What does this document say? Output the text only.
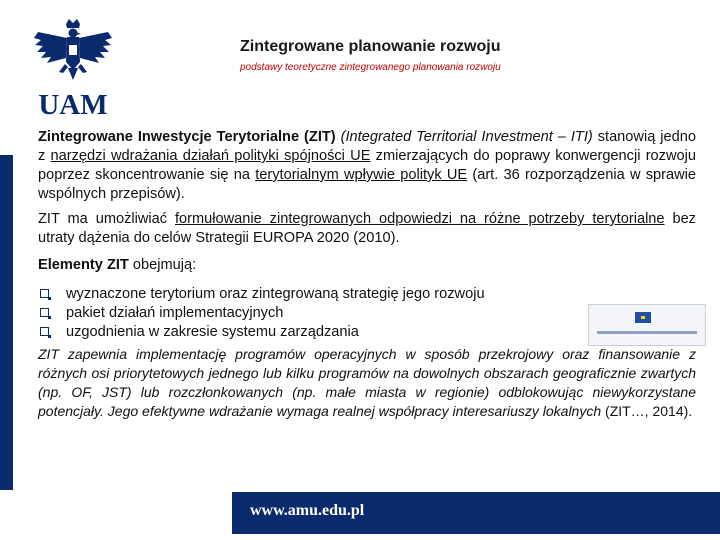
UAM
Zintegrowane planowanie rozwoju
podstawy teoretyczne zintegrowanego planowania rozwoju

Zintegrowane Inwestycje Terytorialne (ZIT) (Integrated Territorial Investment – ITI) stanowią jedno z narzędzi wdrażania działań polityki spójności UE zmierzających do poprawy konwergencji rozwoju poprzez skoncentrowanie się na terytorialnym wpływie polityk UE (art. 36 rozporządzenia w sprawie wspólnych przepisów).

ZIT ma umożliwiać formułowanie zintegrowanych odpowiedzi na różne potrzeby terytorialne bez utraty dążenia do celów Strategii EUROPA 2020 (2010).

Elementy ZIT obejmują:

wyznaczone terytorium oraz zintegrowaną strategię jego rozwoju
pakiet działań implementacyjnych
uzgodnienia w zakresie systemu zarządzania

ZIT zapewnia implementację programów operacyjnych w sposób przekrojowy oraz finansowanie z różnych osi priorytetowych jednego lub kilku programów na dowolnych obszarach geograficznie zwartych (np. OF, JST) lub rozczłonkowanych (np. małe miasta w regionie) odblokowując niewykorzystane potencjały. Jego efektywne wdrażanie wymaga realnej współpracy interesariuszy lokalnych (ZIT…, 2014).

www.amu.edu.pl
